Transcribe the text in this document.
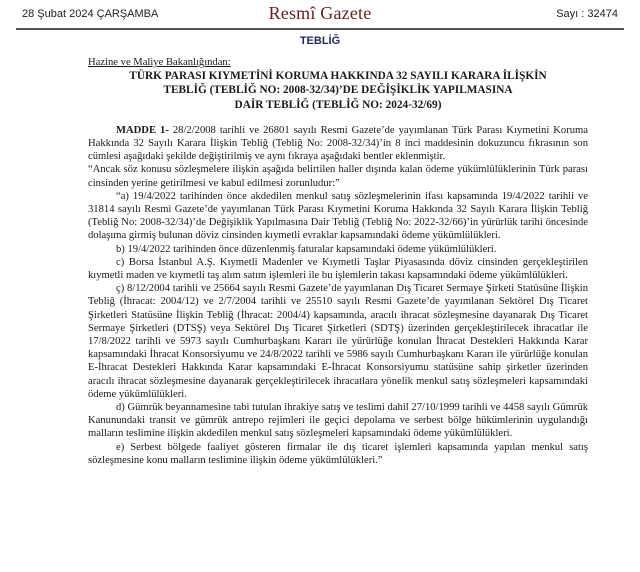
28 Şubat 2024 ÇARŞAMBA	Resmî Gazete	Sayı : 32474
TEBLİĞ
Hazine ve Maliye Bakanlığından:
TÜRK PARASI KIYMETİNİ KORUMA HAKKINDA 32 SAYILI KARARA İLİŞKİN
TEBLİĞ (TEBLİĞ NO: 2008-32/34)’DE DEĞİŞİKLİK YAPILMASINA
DAİR TEBLİĞ (TEBLİĞ NO: 2024-32/69)

MADDE 1- 28/2/2008 tarihli ve 26801 sayılı Resmi Gazete’de yayımlanan Türk Parası Kıymetini Koruma Hakkında 32 Sayılı Karara İlişkin Tebliğ (Tebliğ No: 2008-32/34)’in 8 inci maddesinin dokuzuncu fıkrasının son cümlesi aşağıdaki şekilde değiştirilmiş ve aynı fıkraya aşağıdaki bentler eklenmiştir.

“Ancak söz konusu sözleşmelere ilişkin aşağıda belirtilen haller dışında kalan ödeme yükümlülüklerinin Türk parası cinsinden yerine getirilmesi ve kabul edilmesi zorunludur:”

“a) 19/4/2022 tarihinden önce akdedilen menkul satış sözleşmelerinin ifası kapsamında 19/4/2022 tarihli ve 31814 sayılı Resmi Gazete’de yayımlanan Türk Parası Kıymetini Koruma Hakkında 32 Sayılı Karara İlişkin Tebliğ (Tebliğ No: 2008-32/34)’de Değişiklik Yapılmasına Dair Tebliğ (Tebliğ No: 2022-32/66)’in yürürlük tarihi öncesinde dolaşıma girmiş bulunan döviz cinsinden kıymetli evraklar kapsamındaki ödeme yükümlülükleri.

b) 19/4/2022 tarihinden önce düzenlenmiş faturalar kapsamındaki ödeme yükümlülükleri.

c) Borsa İstanbul A.Ş. Kıymetli Madenler ve Kıymetli Taşlar Piyasasında döviz cinsinden gerçekleştirilen kıymetli maden ve kıymetli taş alım satım işlemleri ile bu işlemlerin takası kapsamındaki ödeme yükümlülükleri.

ç) 8/12/2004 tarihli ve 25664 sayılı Resmi Gazete’de yayımlanan Dış Ticaret Sermaye Şirketi Statüsüne İlişkin Tebliğ (İhracat: 2004/12) ve 2/7/2004 tarihli ve 25510 sayılı Resmi Gazete’de yayımlanan Sektörel Dış Ticaret Şirketleri Statüsüne İlişkin Tebliğ (İhracat: 2004/4) kapsamında, aracılı ihracat sözleşmesine dayanarak Dış Ticaret Sermaye Şirketleri (DTSŞ) veya Sektörel Dış Ticaret Şirketleri (SDTŞ) üzerinden gerçekleştirilecek ihracatlar ile 17/8/2022 tarihli ve 5973 sayılı Cumhurbaşkanı Kararı ile yürürlüğe konulan İhracat Destekleri Hakkında Karar kapsamındaki İhracat Konsorsiyumu ve 24/8/2022 tarihli ve 5986 sayılı Cumhurbaşkanı Kararı ile yürürlüğe konulan E-İhracat Destekleri Hakkında Karar kapsamındaki E-İhracat Konsorsiyumu statüsüne sahip şirketler üzerinden aracılı ihracat sözleşmesine dayanarak gerçekleştirilecek ihracatlara yönelik menkul satış sözleşmeleri kapsamındaki ödeme yükümlülükleri.

d) Gümrük beyannamesine tabi tutulan ihrakiye satış ve teslimi dahil 27/10/1999 tarihli ve 4458 sayılı Gümrük Kanunundaki transit ve gümrük antrepo rejimleri ile geçici depolama ve serbest bölge hükümlerinin uygulandığı malların teslimine ilişkin akdedilen menkul satış sözleşmeleri kapsamındaki ödeme yükümlülükleri.

e) Serbest bölgede faaliyet gösteren firmalar ile dış ticaret işlemleri kapsamında yapılan menkul satış sözleşmesine konu malların teslimine ilişkin ödeme yükümlülükleri.”
